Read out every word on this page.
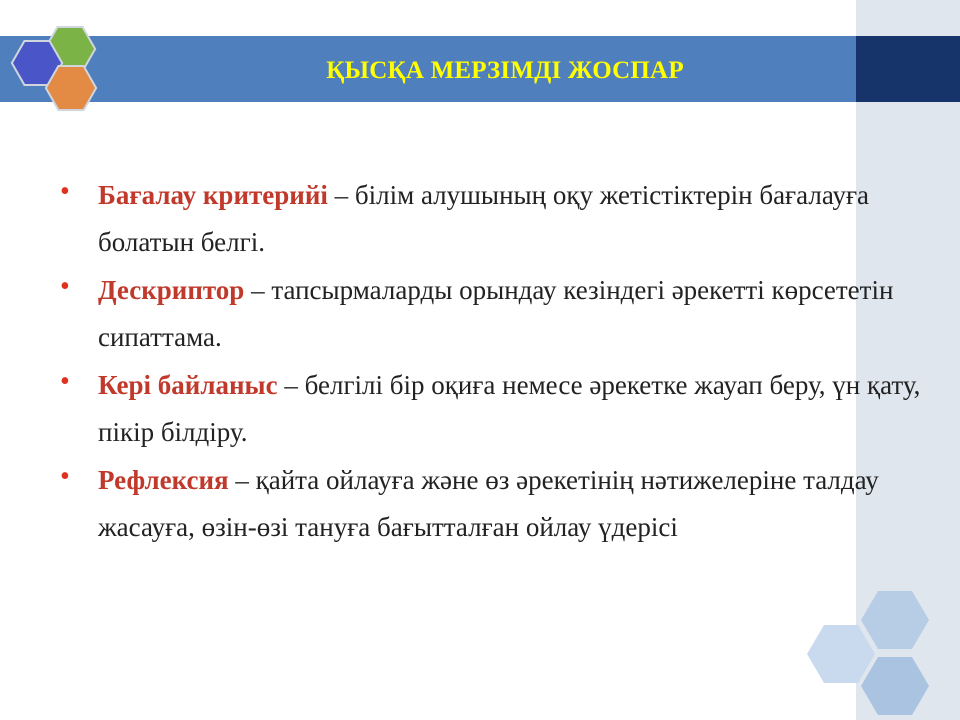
ҚЫСҚА МЕРЗІМДІ ЖОСПАР
• Бағалау критерийі – білім алушының оқу жетістіктерін бағалауға болатын белгі.
• Дескриптор – тапсырмаларды орындау кезіндегі әрекетті көрсететін сипаттама.
• Кері байланыс – белгілі бір оқиға немесе әрекетке жауап беру, үн қату, пікір білдіру.
• Рефлексия – қайта ойлауға және өз әрекетінің нәтижелеріне талдау жасауға, өзін-өзі тануға бағытталған ойлау үдерісі
